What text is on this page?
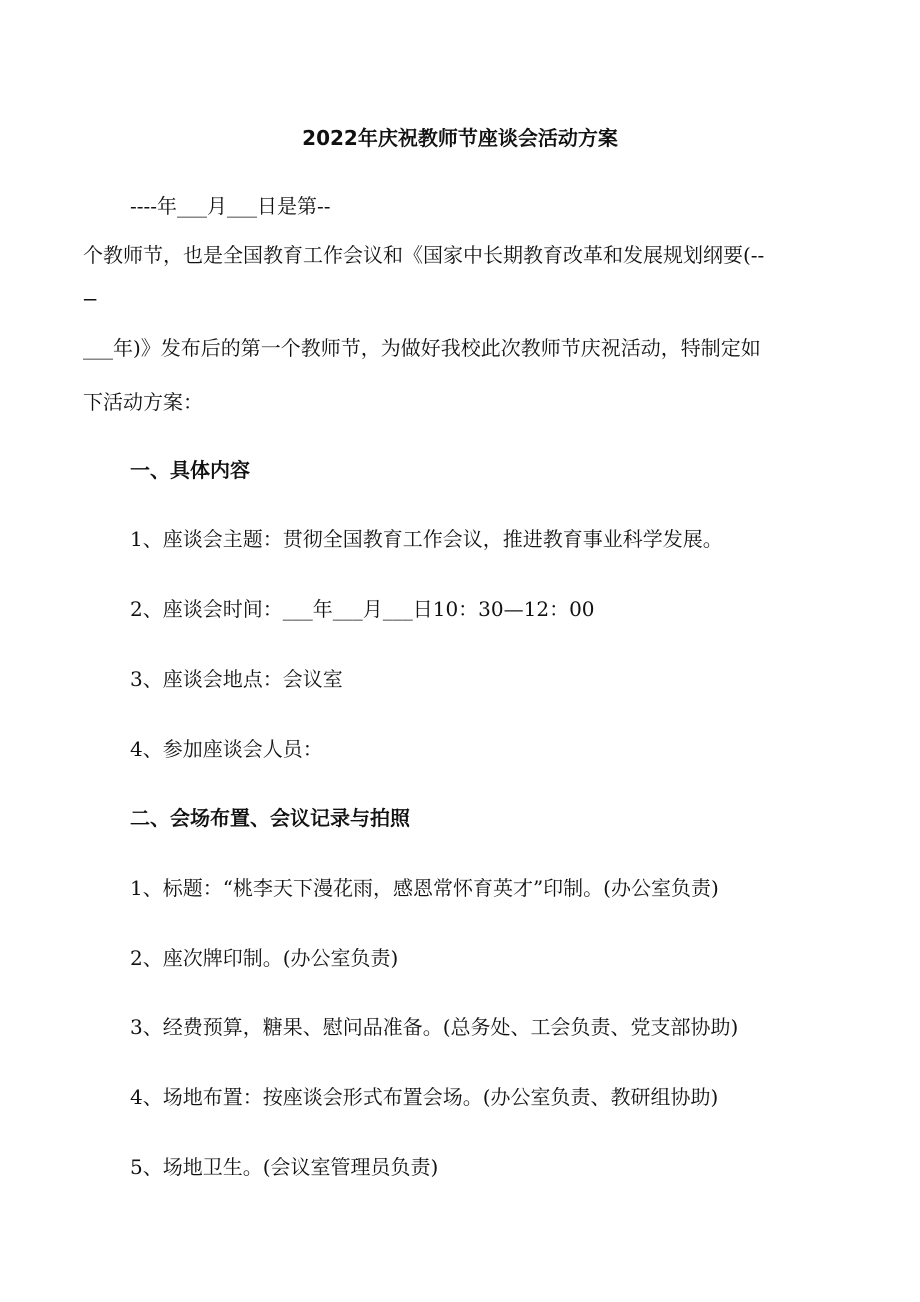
2022年庆祝教师节座谈会活动方案

----年___月___日是第--

个教师节，也是全国教育工作会议和《国家中长期教育改革和发展规划纲要(--

---

___年)》发布后的第一个教师节，为做好我校此次教师节庆祝活动，特制定如

下活动方案：

一、具体内容

1、座谈会主题：贯彻全国教育工作会议，推进教育事业科学发展。

2、座谈会时间：___年___月___日10：30—12：00

3、座谈会地点：会议室

4、参加座谈会人员：

二、会场布置、会议记录与拍照

1、标题：“桃李天下漫花雨，感恩常怀育英才”印制。(办公室负责)

2、座次牌印制。(办公室负责)

3、经费预算，糖果、慰问品准备。(总务处、工会负责、党支部协助)

4、场地布置：按座谈会形式布置会场。(办公室负责、教研组协助)

5、场地卫生。(会议室管理员负责)
